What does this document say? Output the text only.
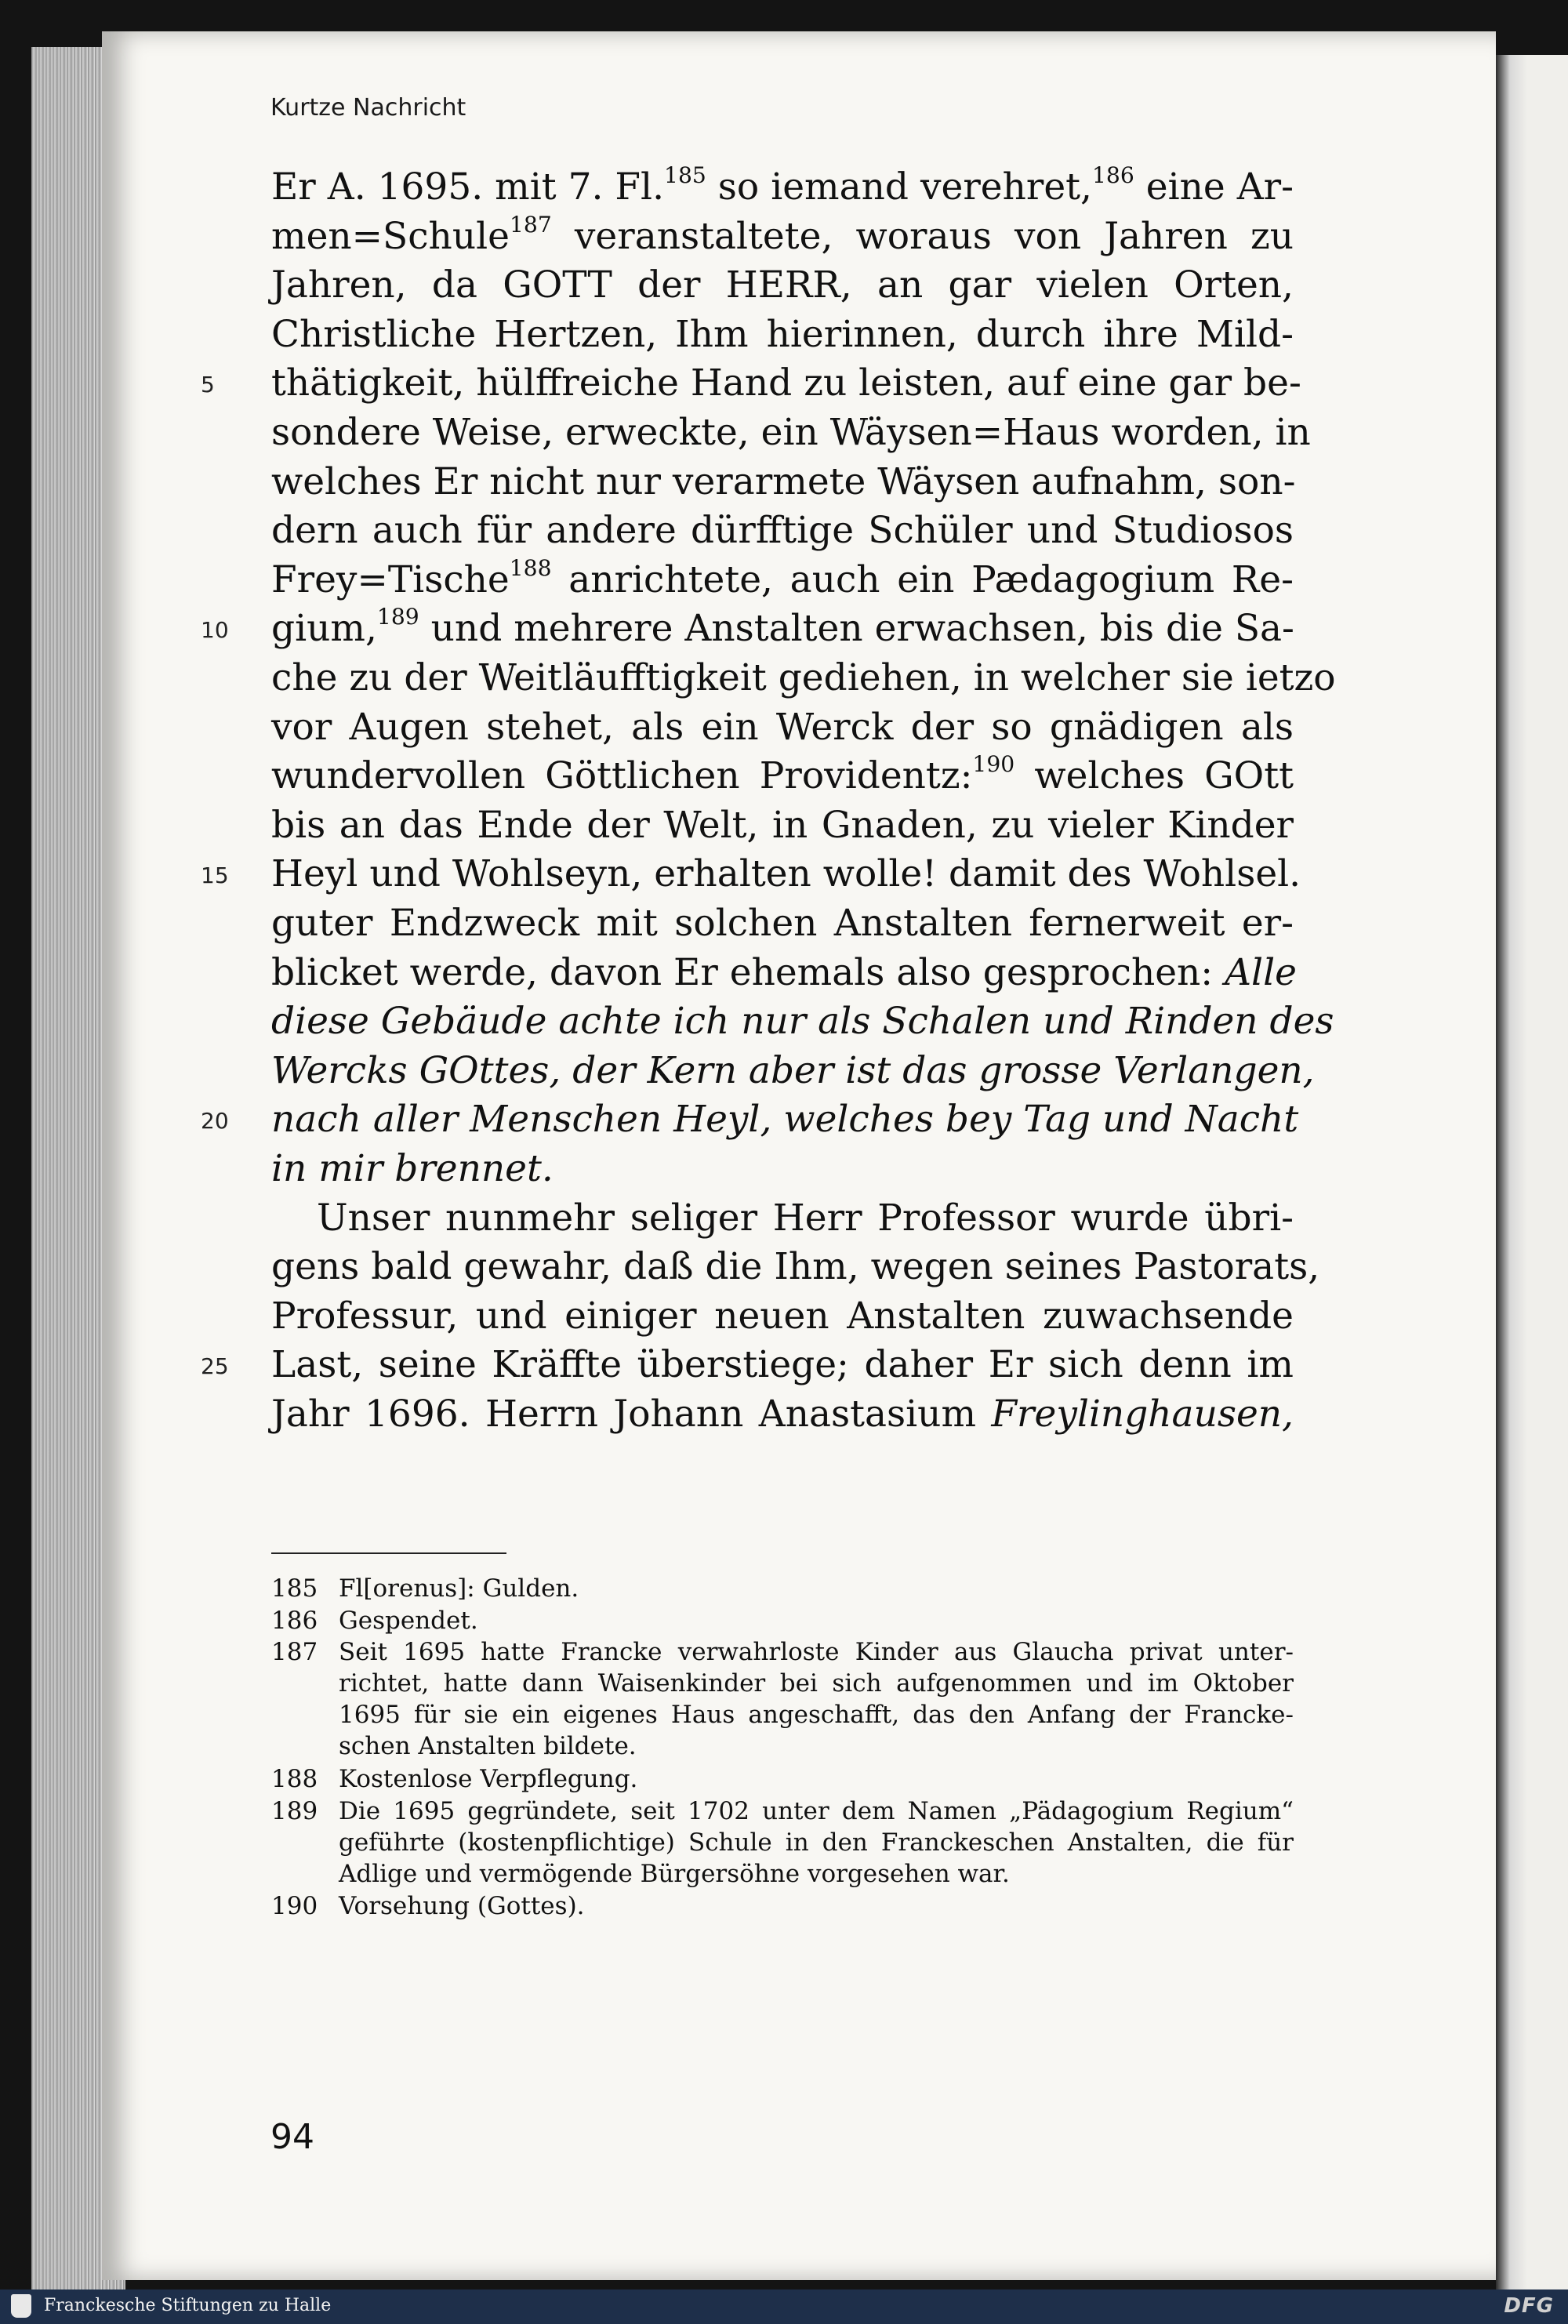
Kurtze Nachricht
Er A. 1695. mit 7. Fl.$^{185}$ so iemand verehret,$^{186}$ eine Ar-
men=Schule$^{187}$ veranstaltete, woraus von Jahren zu
Jahren, da GOTT der HERR, an gar vielen Orten,
Christliche Hertzen, Ihm hierinnen, durch ihre Mild-
thätigkeit, hülffreiche Hand zu leisten, auf eine gar be-
sondere Weise, erweckte, ein Wäysen=Haus worden, in
welches Er nicht nur verarmete Wäysen aufnahm, son-
dern auch für andere dürfftige Schüler und Studiosos
Frey=Tische$^{188}$ anrichtete, auch ein Pædagogium Re-
gium,$^{189}$ und mehrere Anstalten erwachsen, bis die Sa-
che zu der Weitläufftigkeit gediehen, in welcher sie ietzo
vor Augen stehet, als ein Werck der so gnädigen als
wundervollen Göttlichen Providentz:$^{190}$ welches GOtt
bis an das Ende der Welt, in Gnaden, zu vieler Kinder
Heyl und Wohlseyn, erhalten wolle! damit des Wohlsel.
guter Endzweck mit solchen Anstalten fernerweit er-
blicket werde, davon Er ehemals also gesprochen: Alle
diese Gebäude achte ich nur als Schalen und Rinden des
Wercks GOttes, der Kern aber ist das grosse Verlangen,
nach aller Menschen Heyl, welches bey Tag und Nacht
in mir brennet.
Unser nunmehr seliger Herr Professor wurde übri-
gens bald gewahr, daß die Ihm, wegen seines Pastorats,
Professur, und einiger neuen Anstalten zuwachsende
Last, seine Kräffte überstiege; daher Er sich denn im
Jahr 1696. Herrn Johann Anastasium Freylinghausen,
5
10
15
20
25
185 Fl[orenus]: Gulden.
186 Gespendet.
187 Seit 1695 hatte Francke verwahrloste Kinder aus Glaucha privat unter-
richtet, hatte dann Waisenkinder bei sich aufgenommen und im Oktober
1695 für sie ein eigenes Haus angeschafft, das den Anfang der Francke-
schen Anstalten bildete.
188 Kostenlose Verpflegung.
189 Die 1695 gegründete, seit 1702 unter dem Namen „Pädagogium Regium“
geführte (kostenpflichtige) Schule in den Franckeschen Anstalten, die für
Adlige und vermögende Bürgersöhne vorgesehen war.
190 Vorsehung (Gottes).
94
Franckesche Stiftungen zu Halle	DFG
